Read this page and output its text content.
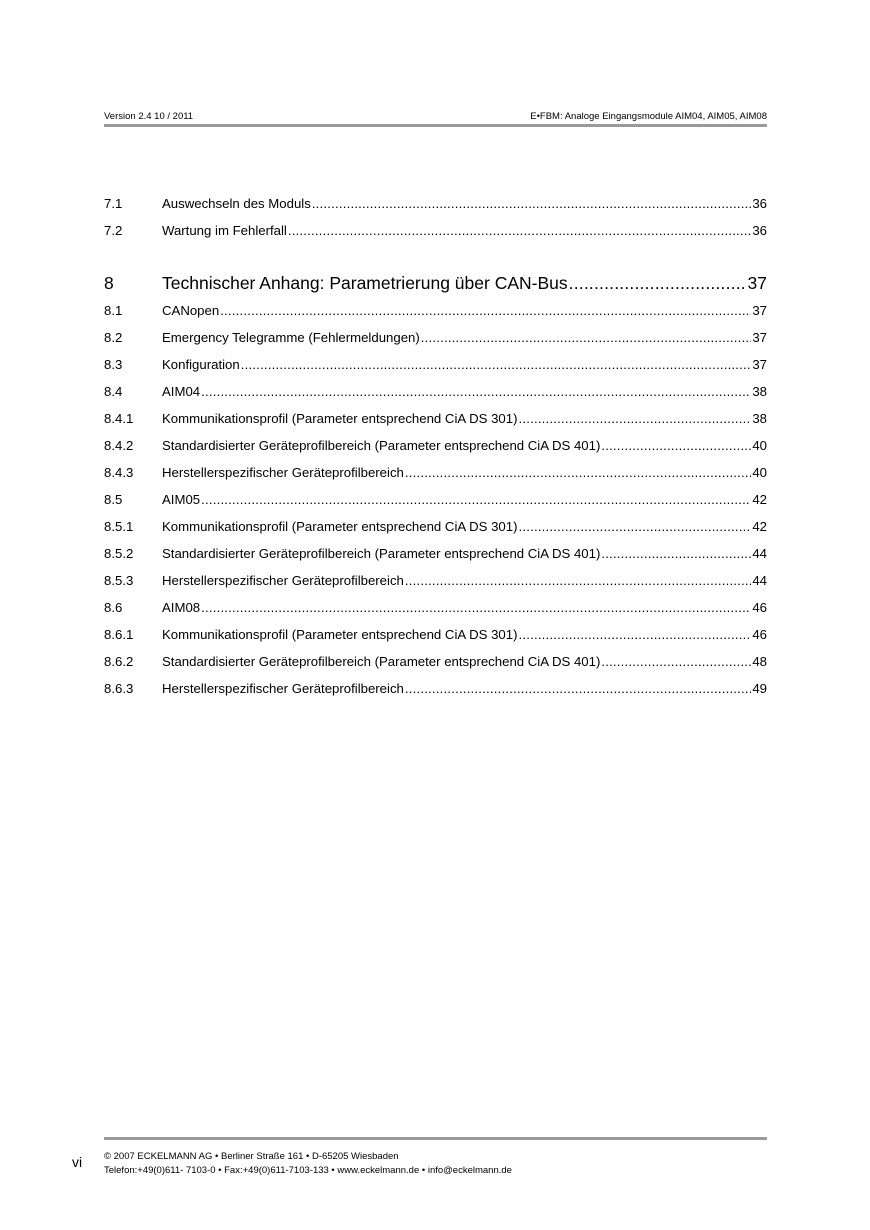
Version 2.4 10 / 2011	E•FBM: Analoge Eingangsmodule AIM04, AIM05, AIM08
7.1	Auswechseln des Moduls .....	36
7.2	Wartung im Fehlerfall .....	36
8	Technischer Anhang: Parametrierung über CAN-Bus .....	37
8.1	CANopen .....	37
8.2	Emergency Telegramme (Fehlermeldungen) .....	37
8.3	Konfiguration .....	37
8.4	AIM04 .....	38
8.4.1 Kommunikationsprofil (Parameter entsprechend CiA DS 301) .....	38
8.4.2 Standardisierter Geräteprofilbereich (Parameter entsprechend CiA DS 401) .....	40
8.4.3 Herstellerspezifischer Geräteprofilbereich .....	40
8.5	AIM05 .....	42
8.5.1 Kommunikationsprofil (Parameter entsprechend CiA DS 301) .....	42
8.5.2 Standardisierter Geräteprofilbereich (Parameter entsprechend CiA DS 401) .....	44
8.5.3 Herstellerspezifischer Geräteprofilbereich .....	44
8.6	AIM08 .....	46
8.6.1 Kommunikationsprofil (Parameter entsprechend CiA DS 301) .....	46
8.6.2 Standardisierter Geräteprofilbereich (Parameter entsprechend CiA DS 401) .....	48
8.6.3 Herstellerspezifischer Geräteprofilbereich .....	49
vi © 2007 ECKELMANN AG • Berliner Straße 161 • D-65205 Wiesbaden
Telefon:+49(0)611- 7103-0 • Fax:+49(0)611-7103-133 • www.eckelmann.de • info@eckelmann.de
